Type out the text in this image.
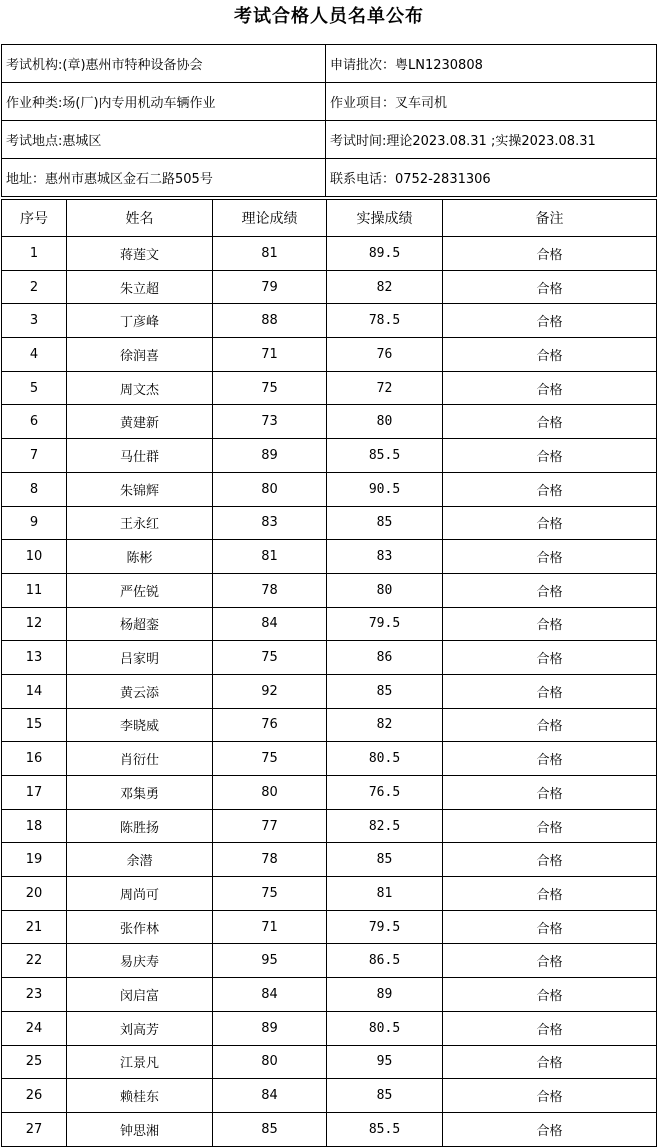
考试合格人员名单公布
考试机构:(章)惠州市特种设备协会	申请批次：粤LN1230808
作业种类:场(厂)内专用机动车辆作业	作业项目：叉车司机
考试地点:惠城区	考试时间:理论2023.08.31 ;实操2023.08.31
地址：惠州市惠城区金石二路505号	联系电话：0752-2831306
序号	姓名	理论成绩	实操成绩	备注
1	蒋莲文	81	89.5	合格
2	朱立超	79	82	合格
3	丁彦峰	88	78.5	合格
4	徐润喜	71	76	合格
5	周文杰	75	72	合格
6	黄建新	73	80	合格
7	马仕群	89	85.5	合格
8	朱锦辉	80	90.5	合格
9	王永红	83	85	合格
10	陈彬	81	83	合格
11	严佐锐	78	80	合格
12	杨超銮	84	79.5	合格
13	吕家明	75	86	合格
14	黄云添	92	85	合格
15	李晓威	76	82	合格
16	肖衍仕	75	80.5	合格
17	邓集勇	80	76.5	合格
18	陈胜扬	77	82.5	合格
19	余潜	78	85	合格
20	周尚可	75	81	合格
21	张作林	71	79.5	合格
22	易庆寿	95	86.5	合格
23	闵启富	84	89	合格
24	刘高芳	89	80.5	合格
25	江景凡	80	95	合格
26	赖桂东	84	85	合格
27	钟思湘	85	85.5	合格
